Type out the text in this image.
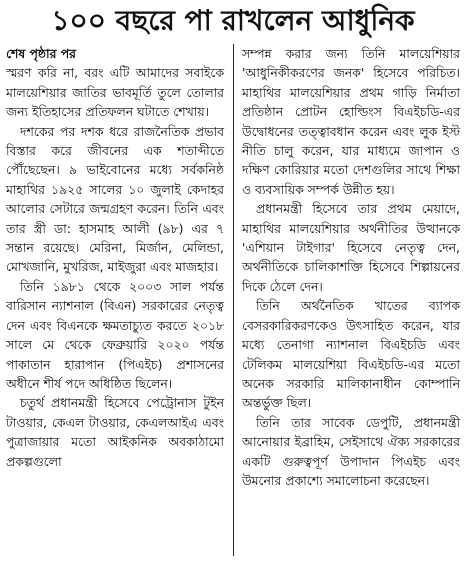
১০০ বছরে পা রাখলেন আধুনিক
শেষ পৃষ্ঠার পর

স্মরণ করি না, বরং এটি আমাদের সবাইকে মালয়েশিয়ার জাতির ভাবমূর্তি তুলে তোলার জন্য ইতিহাসের প্রতিফলন ঘটাতে শেখায়।

দশকের পর দশক ধরে রাজনৈতিক প্রভাব বিস্তার করে জীবনের এক শতাব্দীতে পৌঁছেছেন। ৯ ভাইবোনের মধ্যে সর্বকনিষ্ঠ মাহাথির ১৯২৫ সালের ১০ জুলাই কেদাহর আলোর সেটারে জন্মগ্রহণ করেন। তিনি এবং তার স্ত্রী ডা: হাসমাহ আলী (৯৮) এর ৭ সন্তান রয়েছে। মেরিনা, মির্জান, মেলিন্ডা, মোখজানি, মুখরিজ, মাইজুরা এবং মাজহার।

তিনি ১৯৮১ থেকে ২০০৩ সাল পর্যন্ত বারিসান ন্যাশনাল (বিএন) সরকারের নেতৃত্ব দেন এবং বিএনকে ক্ষমতাচ্যুত করতে ২০১৮ সালে মে থেকে ফেব্রুয়ারি ২০২০ পর্যন্ত পাকাতান হারাপান (পিএইচ) প্রশাসনের অধীনে শীর্ষ পদে অধিষ্ঠিত ছিলেন।

চতুর্থ প্রধানমন্ত্রী হিসেবে পেট্রোনাস টুইন টাওয়ার, কেএল টাওয়ার, কেএলআইএ এবং পুত্রাজায়ার মতো আইকনিক অবকাঠামো প্রকল্পগুলো

সম্পন্ন করার জন্য তিনি মালয়েশিয়ার 'আধুনিকীকরণের জনক' হিসেবে পরিচিত। মাহাথির মালয়েশিয়ার প্রথম গাড়ি নির্মাতা প্রতিষ্ঠান প্রোটন হোল্ডিংস বিএইচডি-এর উদ্বোধনের তত্ত্বাবধান করেন এবং লুক ইস্ট নীতি চালু করেন, যার মাধ্যমে জাপান ও দক্ষিণ কোরিয়ার মতো দেশগুলির সাথে শিক্ষা ও ব্যবসায়িক সম্পর্ক উন্নীত হয়।

প্রধানমন্ত্রী হিসেবে তার প্রথম মেয়াদে, মাহাথির মালয়েশিয়ার অর্থনীতির উত্থানকে 'এশিয়ান টাইগার' হিসেবে নেতৃত্ব দেন, অর্থনীতিকে চালিকাশক্তি হিসেবে শিল্পায়নের দিকে ঠেলে দেন।

তিনি অর্থনৈতিক খাতের ব্যাপক বেসরকারিকরণকেও উৎসাহিত করেন, যার মধ্যে তেনাগা ন্যাশনাল বিএইচডি এবং টেলিকম মালয়েশিয়া বিএইচডি-এর মতো অনেক সরকারি মালিকানাধীন কোম্পানি অন্তর্ভুক্ত ছিল।

তিনি তার সাবেক ডেপুটি, প্রধানমন্ত্রী আনোয়ার ইব্রাহিম, সেইসাথে ঐক্য সরকারের একটি গুরুত্বপূর্ণ উপাদান পিএইচ এবং উমনোর প্রকাশ্যে সমালোচনা করেছেন।
